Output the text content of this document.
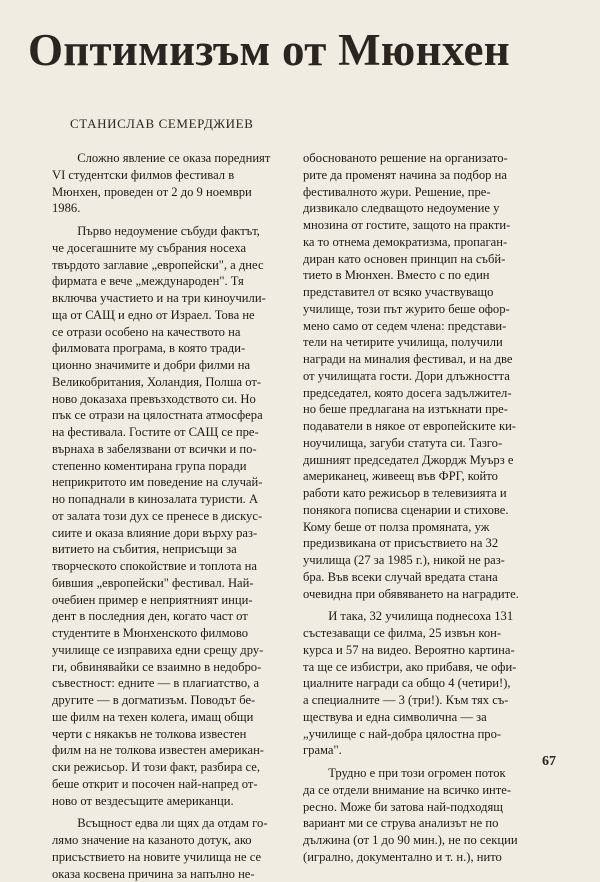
Оптимизъм от Мюнхен
СТАНИСЛАВ СЕМЕРДЖИЕВ
  Сложно явление се оказа поредният
VI студентски филмов фестивал в
Мюнхен, проведен от 2 до 9 ноември
1986.
  Първо недоумение събуди фактът,
че досегашните му събрания носеха
твърдото заглавие „европейски", а днес
фирмата е вече „международен". Тя
включва участието и на три киноучили-
ща от САЩ и едно от Израел. Това не
се отрази особено на качеството на
филмовата програма, в която тради-
ционно значимите и добри филми на
Великобритания, Холандия, Полша от-
ново доказаха превъзходството си. Но
пък се отрази на цялостната атмосфера
на фестивала. Гостите от САЩ се пре-
върнаха в забелязвани от всички и по-
степенно коментирана група поради
неприкритото им поведение на случай-
но попаднали в кинозалата туристи. А
от залата този дух се пренесе в дискус-
сиите и оказа влияние дори върху раз-
витието на събития, неприсъщи за
творческото спокойствие и топлота на
бившия „европейски" фестивал. Най-
очебиен пример е неприятният инци-
дент в последния ден, когато част от
студентите в Мюнхенското филмово
училище се изправиха едни срещу дру-
ги, обвинявайки се взаимно в недобро-
съвестност: едните — в плагиатство, а
другите — в догматизъм. Поводът бе-
ше филм на техен колега, имащ общи
черти с някакъв не толкова известен
филм на не толкова известен американ-
ски режисьор. И този факт, разбира се,
беше открит и посочен най-напред от-
ново от вездесъщите американци.
  Всъщност едва ли щях да отдам го-
лямо значение на казаното дотук, ако
присъствието на новите училища не се
оказа косвена причина за напълно не-
обоснованото решение на организато-
рите да променят начина за подбор на
фестивалното жури. Решение, пре-
дизвикало следващото недоумение у
мнозина от гостите, защото на практи-
ка то отнема демократизма, пропаган-
диран като основен принцип на събй-
тието в Мюнхен. Вместо с по един
представител от всяко участвуващо
училище, този път журито беше офор-
мено само от седем члена: представи-
тели на четирите училища, получили
награди на миналия фестивал, и на две
от училищата гости. Дори длъжността
председател, която досега задължител-
но беше предлагана на изтъкнати пре-
подаватели в някое от европейските ки-
ноучилища, загуби статута си. Тазго-
дишният председател Джордж Муърз е
американец, живеещ във ФРГ, който
работи като режисьор в телевизията и
понякога пописва сценарии и стихове.
Кому беше от полза промяната, уж
предизвикана от присъствието на 32
училища (27 за 1985 г.), никой не раз-
бра. Във всеки случай вредата стана
очевидна при обявяването на наградите.
  И така, 32 училища поднесоха 131
състезаващи се филма, 25 извън кон-
курса и 57 на видео. Вероятно картина-
та ще се избистри, ако прибавя, че офи-
циалните награди са общо 4 (четири!),
а специалните — 3 (три!). Към тях съ-
ществува и една символична — за
„училище с най-добра цялостна про-
грама".
  Трудно е при този огромен поток
да се отдели внимание на всичко инте-
ресно. Може би затова най-подходящ
вариант ми се струва анализът не по
дължина (от 1 до 90 мин.), не по секции
(игрално, документално и т. н.), нито
67
